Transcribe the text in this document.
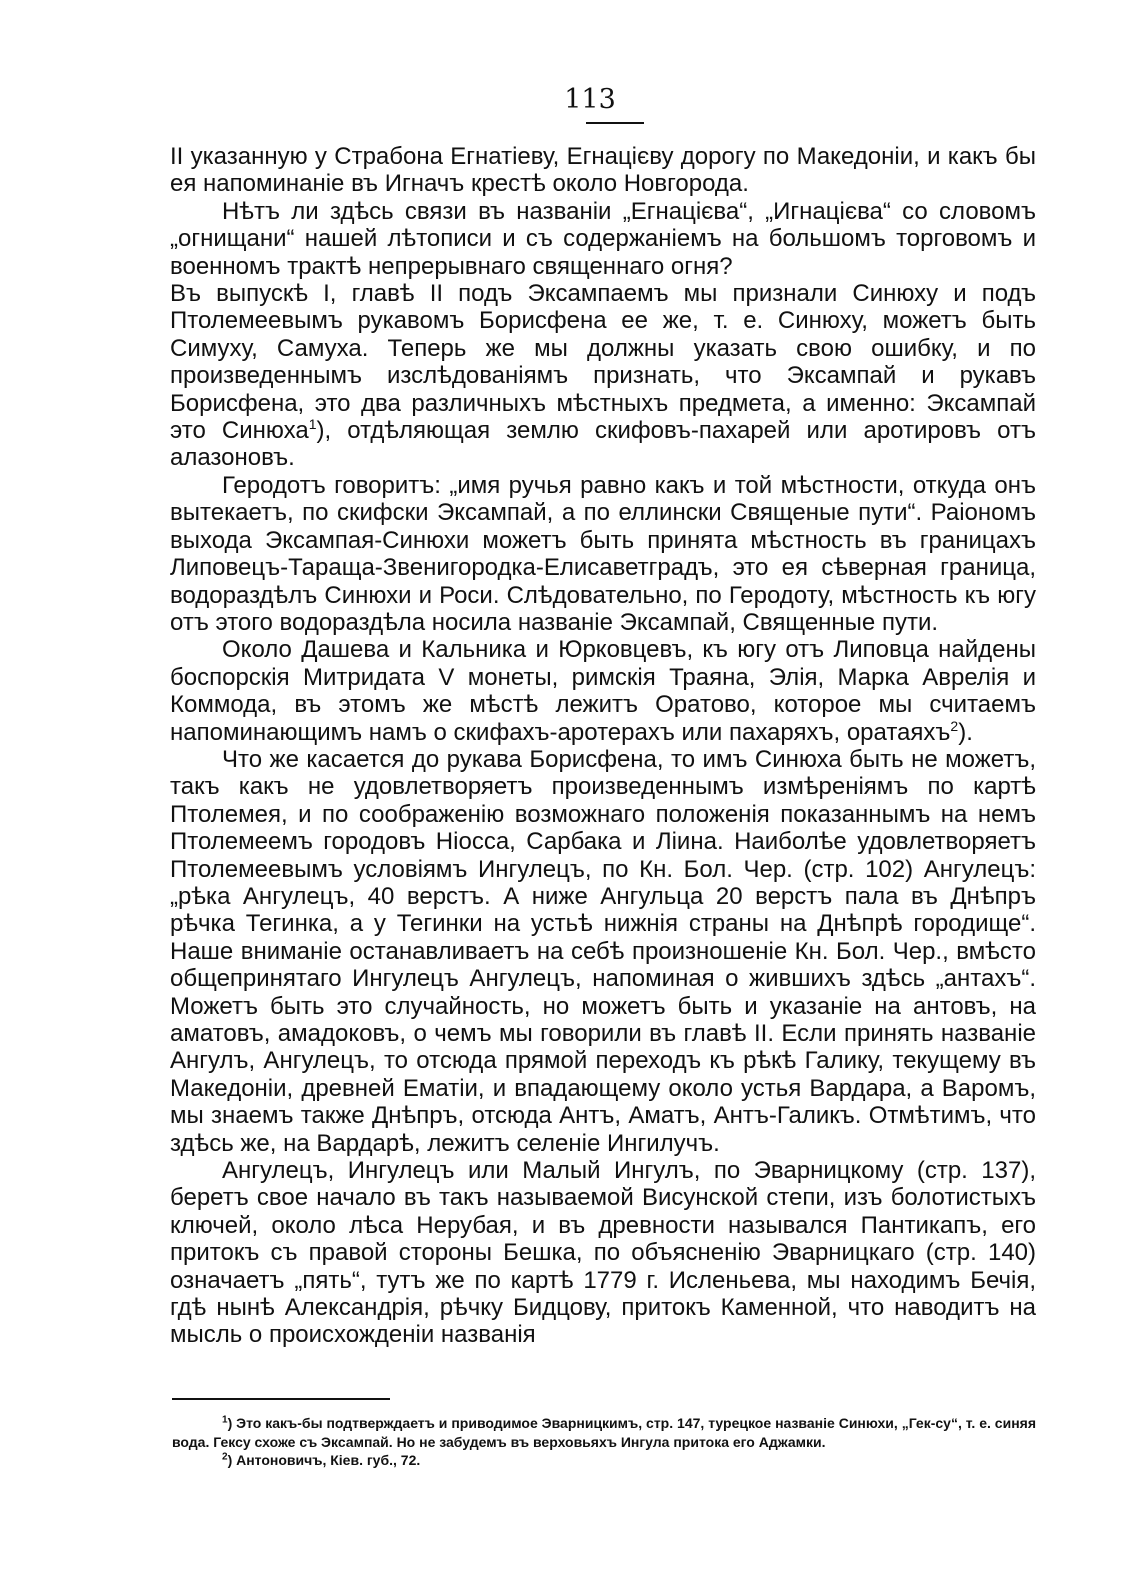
113

II указанную у Страбона Егнатіеву, Егнацієву дорогу по Македоніи, и какъ бы ея напоминаніе въ Игначъ крестѣ около Новгорода.

Нѣтъ ли здѣсь связи въ названіи „Егнацієва“, „Игнацієва“ со словомъ „огнищани“ нашей лѣтописи и съ содержаніемъ на большомъ торговомъ и военномъ трактѣ непрерывнаго священнаго огня?

Въ выпускѣ I, главѣ II подъ Эксампаемъ мы признали Синюху и подъ Птолемеевымъ рукавомъ Борисфена ее же, т. е. Синюху, можетъ быть Симуху, Самуха. Теперь же мы должны указать свою ошибку, и по произведеннымъ изслѣдованіямъ признать, что Эксампай и рукавъ Борисфена, это два различныхъ мѣстныхъ предмета, а именно: Эксампай это Синюха$^1$), отдѣляющая землю скифовъ-пахарей или аротировъ отъ алазоновъ.

Геродотъ говоритъ: „имя ручья равно какъ и той мѣстности, откуда онъ вытекаетъ, по скифски Эксампай, а по еллински Священые пути“. Раіономъ выхода Эксампая-Синюхи можетъ быть принята мѣстность въ границахъ Липовецъ-Тараща-Звенигородка-Елисаветградъ, это ея сѣверная граница, водораздѣлъ Синюхи и Роси. Слѣдовательно, по Геродоту, мѣстность къ югу отъ этого водораздѣла носила названіе Эксампай, Священные пути.

Около Дашева и Кальника и Юрковцевъ, къ югу отъ Липовца найдены боспорскія Митридата V монеты, римскія Траяна, Элія, Марка Аврелія и Коммода, въ этомъ же мѣстѣ лежитъ Оратово, которое мы считаемъ напоминающимъ намъ о скифахъ-аротерахъ или пахаряхъ, оратаяхъ$^2$).

Что же касается до рукава Борисфена, то имъ Синюха быть не можетъ, такъ какъ не удовлетворяетъ произведеннымъ измѣреніямъ по картѣ Птолемея, и по соображенію возможнаго положенія показаннымъ на немъ Птолемеемъ городовъ Ніосса, Сарбака и Ліина. Наиболѣе удовлетворяетъ Птолемеевымъ условіямъ Ингулецъ, по Кн. Бол. Чер. (стр. 102) Ангулецъ: „рѣка Ангулецъ, 40 верстъ. А ниже Ангульца 20 верстъ пала въ Днѣпръ рѣчка Тегинка, а у Тегинки на устьѣ нижнія страны на Днѣпрѣ городище“. Наше вниманіе останавливаетъ на себѣ произношеніе Кн. Бол. Чер., вмѣсто общепринятаго Ингулецъ Ангулецъ, напоминая о жившихъ здѣсь „антахъ“. Можетъ быть это случайность, но можетъ быть и указаніе на антовъ, на аматовъ, амадоковъ, о чемъ мы говорили въ главѣ II. Если принять названіе Ангулъ, Ангулецъ, то отсюда прямой переходъ къ рѣкѣ Галику, текущему въ Македоніи, древней Ематіи, и впадающему около устья Вардара, а Варомъ, мы знаемъ также Днѣпръ, отсюда Антъ, Аматъ, Антъ-Галикъ. Отмѣтимъ, что здѣсь же, на Вардарѣ, лежитъ селеніе Ингилучъ.

Ангулецъ, Ингулецъ или Малый Ингулъ, по Эварницкому (стр. 137), беретъ свое начало въ такъ называемой Висунской степи, изъ болотистыхъ ключей, около лѣса Нерубая, и въ древности назывался Пантикапъ, его притокъ съ правой стороны Бешка, по объясненію Эварницкаго (стр. 140) означаетъ „пять“, тутъ же по картѣ 1779 г. Исленьева, мы находимъ Бечія, гдѣ нынѣ Александрія, рѣчку Бидцову, притокъ Каменной, что наводитъ на мысль о происхожденіи названія

$^1$) Это какъ-бы подтверждаетъ и приводимое Эварницкимъ, стр. 147, турецкое названіе Синюхи, „Гек-су“, т. е. синяя вода. Гексу схоже съ Эксампай. Но не забудемъ въ верховьяхъ Ингула притока его Аджамки.

$^2$) Антоновичъ, Кіев. губ., 72.
